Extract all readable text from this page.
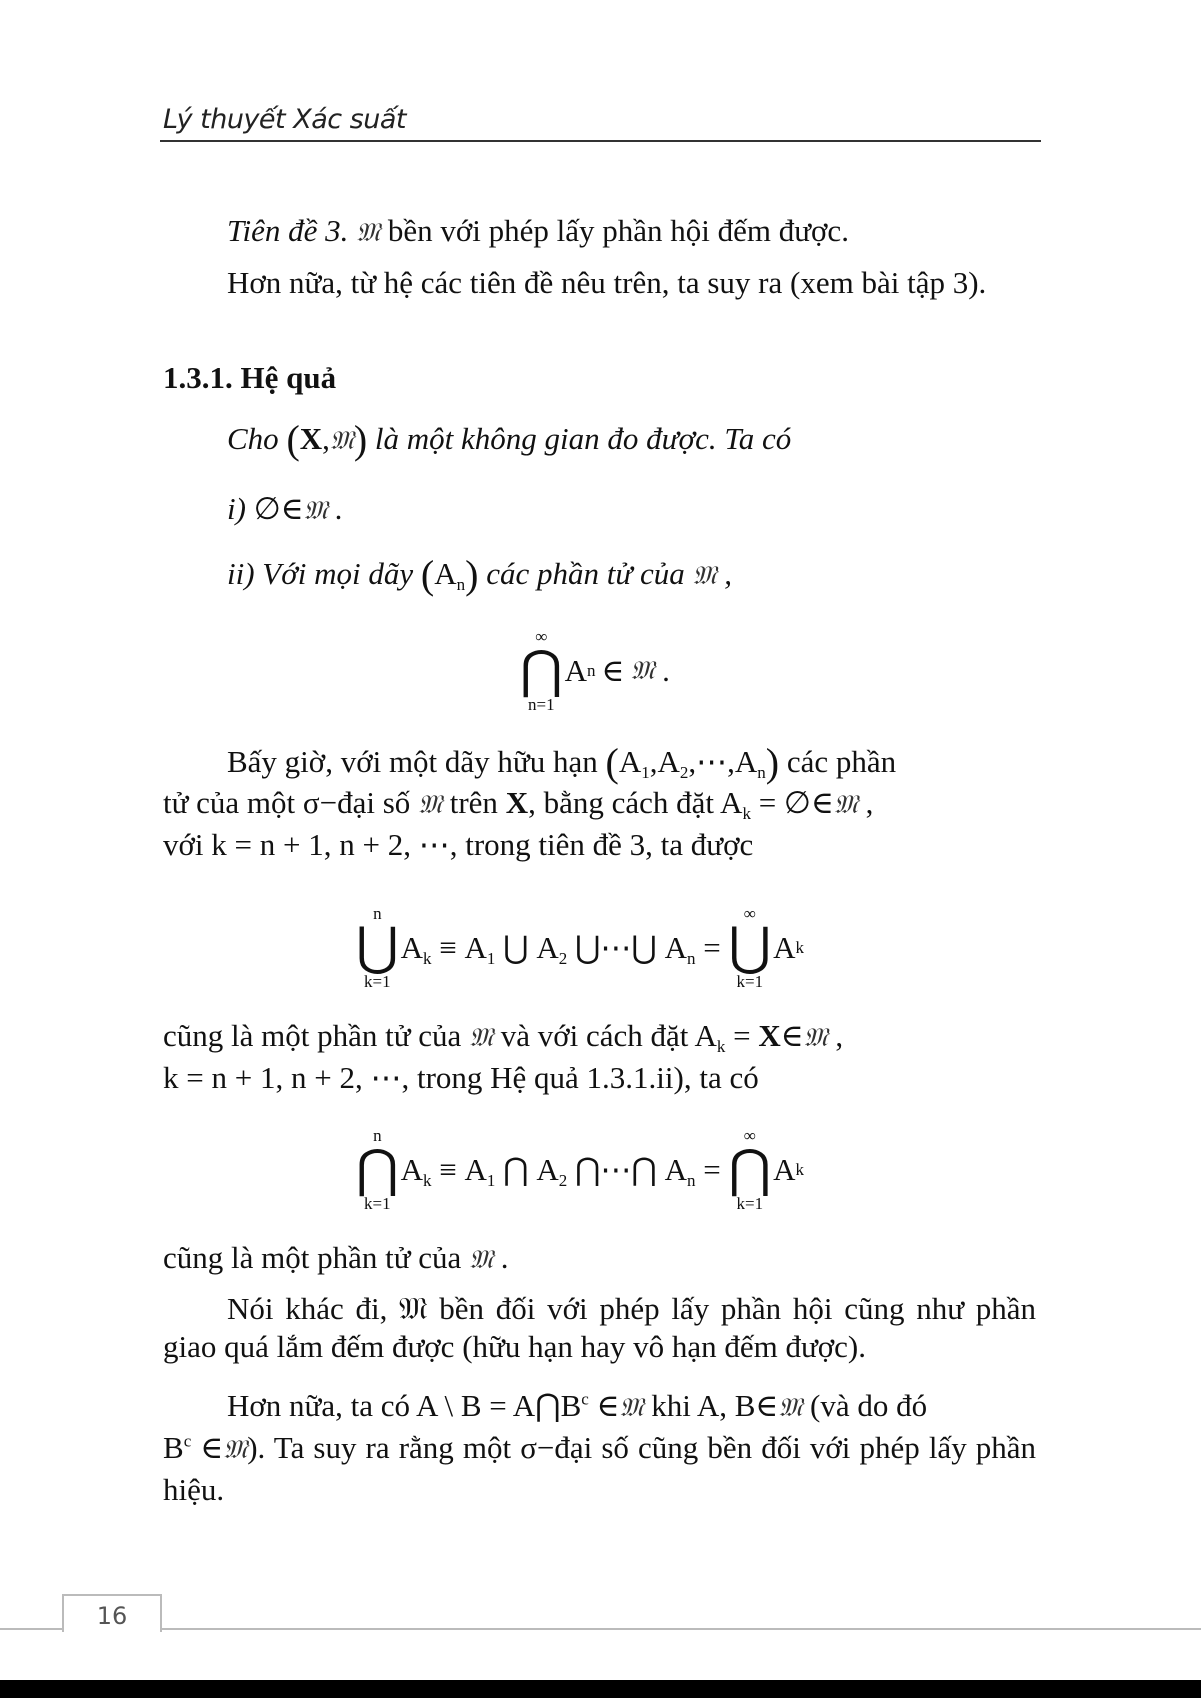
Lý thuyết Xác suất
Tiên đề 3. 𝔐 bền với phép lấy phần hội đếm được.
Hơn nữa, từ hệ các tiên đề nêu trên, ta suy ra (xem bài tập 3).
1.3.1. Hệ quả
Cho (X,𝔐) là một không gian đo được. Ta có
i) ∅∈𝔐 .
ii) Với mọi dãy $(A_n)$ các phần tử của 𝔐 ,
∞
⋂
n=1
A n ∈ 𝔐 .
Bấy giờ, với một dãy hữu hạn $(A_1,A_2,\cdots,A_n)$ các phần
tử của một σ−đại số 𝔐 trên X, bằng cách đặt $A_k$ = ∅∈𝔐 ,
với k = n + 1, n + 2, ⋯, trong tiên đề 3, ta được
n
⋃
k=1
$A_k \equiv A_1$ ⋃ $A_2$ ⋃⋯⋃ $A_n$ =
∞
⋃
k=1
A k
cũng là một phần tử của 𝔐 và với cách đặt $A_k$ = X∈𝔐 ,
k = n + 1, n + 2, ⋯, trong Hệ quả 1.3.1.ii), ta có
n
⋂
k=1
$A_k \equiv A_1$ ⋂ $A_2$ ⋂⋯⋂ $A_n$ =
∞
⋂
k=1
A k
cũng là một phần tử của 𝔐 .
Nói khác đi, 𝔐 bền đối với phép lấy phần hội cũng như phần giao quá lắm đếm được (hữu hạn hay vô hạn đếm được).
Hơn nữa, ta có A \ $B = A⋂B^c$ ∈𝔐 khi A, B∈𝔐 (và do đó
$B^c$ ∈𝔐). Ta suy ra rằng một σ−đại số cũng bền đối với phép lấy phần hiệu.
16
